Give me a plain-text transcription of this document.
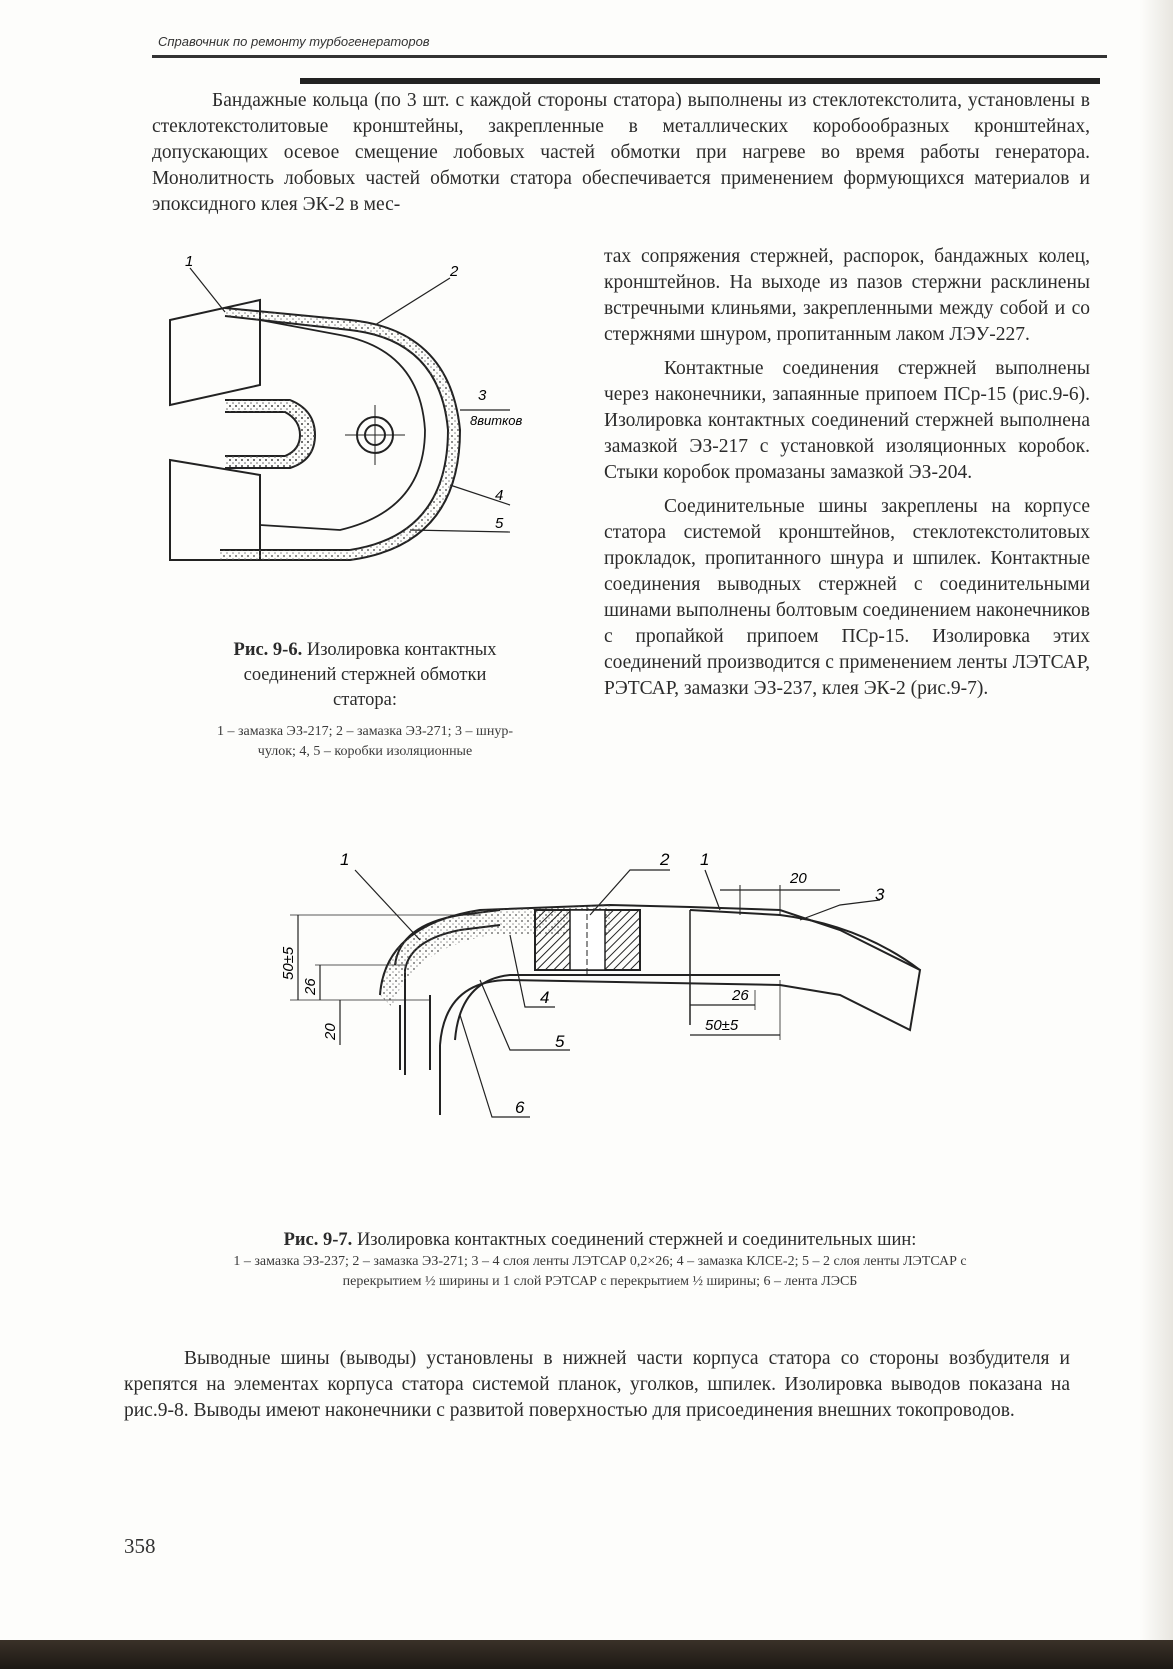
Справочник по ремонту турбогенераторов

Бандажные кольца (по 3 шт. с каждой стороны статора) выполнены из стеклотекстолита, установлены в стеклотекстолитовые кронштейны, закрепленные в металлических коробообразных кронштейнах, допускающих осевое смещение лобовых частей обмотки при нагреве во время работы генератора. Монолитность лобовых частей обмотки статора обеспечивается применением формующихся материалов и эпоксидного клея ЭК-2 в мес-

тах сопряжения стержней, распорок, бандажных колец, кронштейнов. На выходе из пазов стержни расклинены встречными клиньями, закрепленными между собой и со стержнями шнуром, пропитанным лаком ЛЭУ-227.

Контактные соединения стержней выполнены через наконечники, запаянные припоем ПСр-15 (рис.9-6). Изолировка контактных соединений стержней выполнена замазкой ЭЗ-217 с установкой изоляционных коробок. Стыки коробок промазаны замазкой ЭЗ-204.

Соединительные шины закреплены на корпусе статора системой кронштейнов, стеклотекстолитовых прокладок, пропитанного шнура и шпилек. Контактные соединения выводных стержней с соединительными шинами выполнены болтовым соединением наконечников с пропайкой припоем ПСр-15. Изолировка этих соединений производится с применением ленты ЛЭТСАР, РЭТСАР, замазки ЭЗ-237, клея ЭК-2 (рис.9-7).

1
2
3
8витков
4
5
Рис. 9-6. Изолировка контактных соединений стержней обмотки статора:
1 – замазка ЭЗ-217; 2 – замазка ЭЗ-271; 3 – шнур-чулок; 4, 5 – коробки изоляционные
1	2 1
3
4
5
6
50±5
26
20
20
26
50±5
Рис. 9-7. Изолировка контактных соединений стержней и соединительных шин:
1 – замазка ЭЗ-237; 2 – замазка ЭЗ-271; 3 – 4 слоя ленты ЛЭТСАР 0,2×26; 4 – замазка КЛСЕ-2; 5 – 2 слоя ленты ЛЭТСАР с перекрытием ½ ширины и 1 слой РЭТСАР с перекрытием ½ ширины; 6 – лента ЛЭСБ

Выводные шины (выводы) установлены в нижней части корпуса статора со стороны возбудителя и крепятся на элементах корпуса статора системой планок, уголков, шпилек. Изолировка выводов показана на рис.9-8. Выводы имеют наконечники с развитой поверхностью для присоединения внешних токопроводов.

358
